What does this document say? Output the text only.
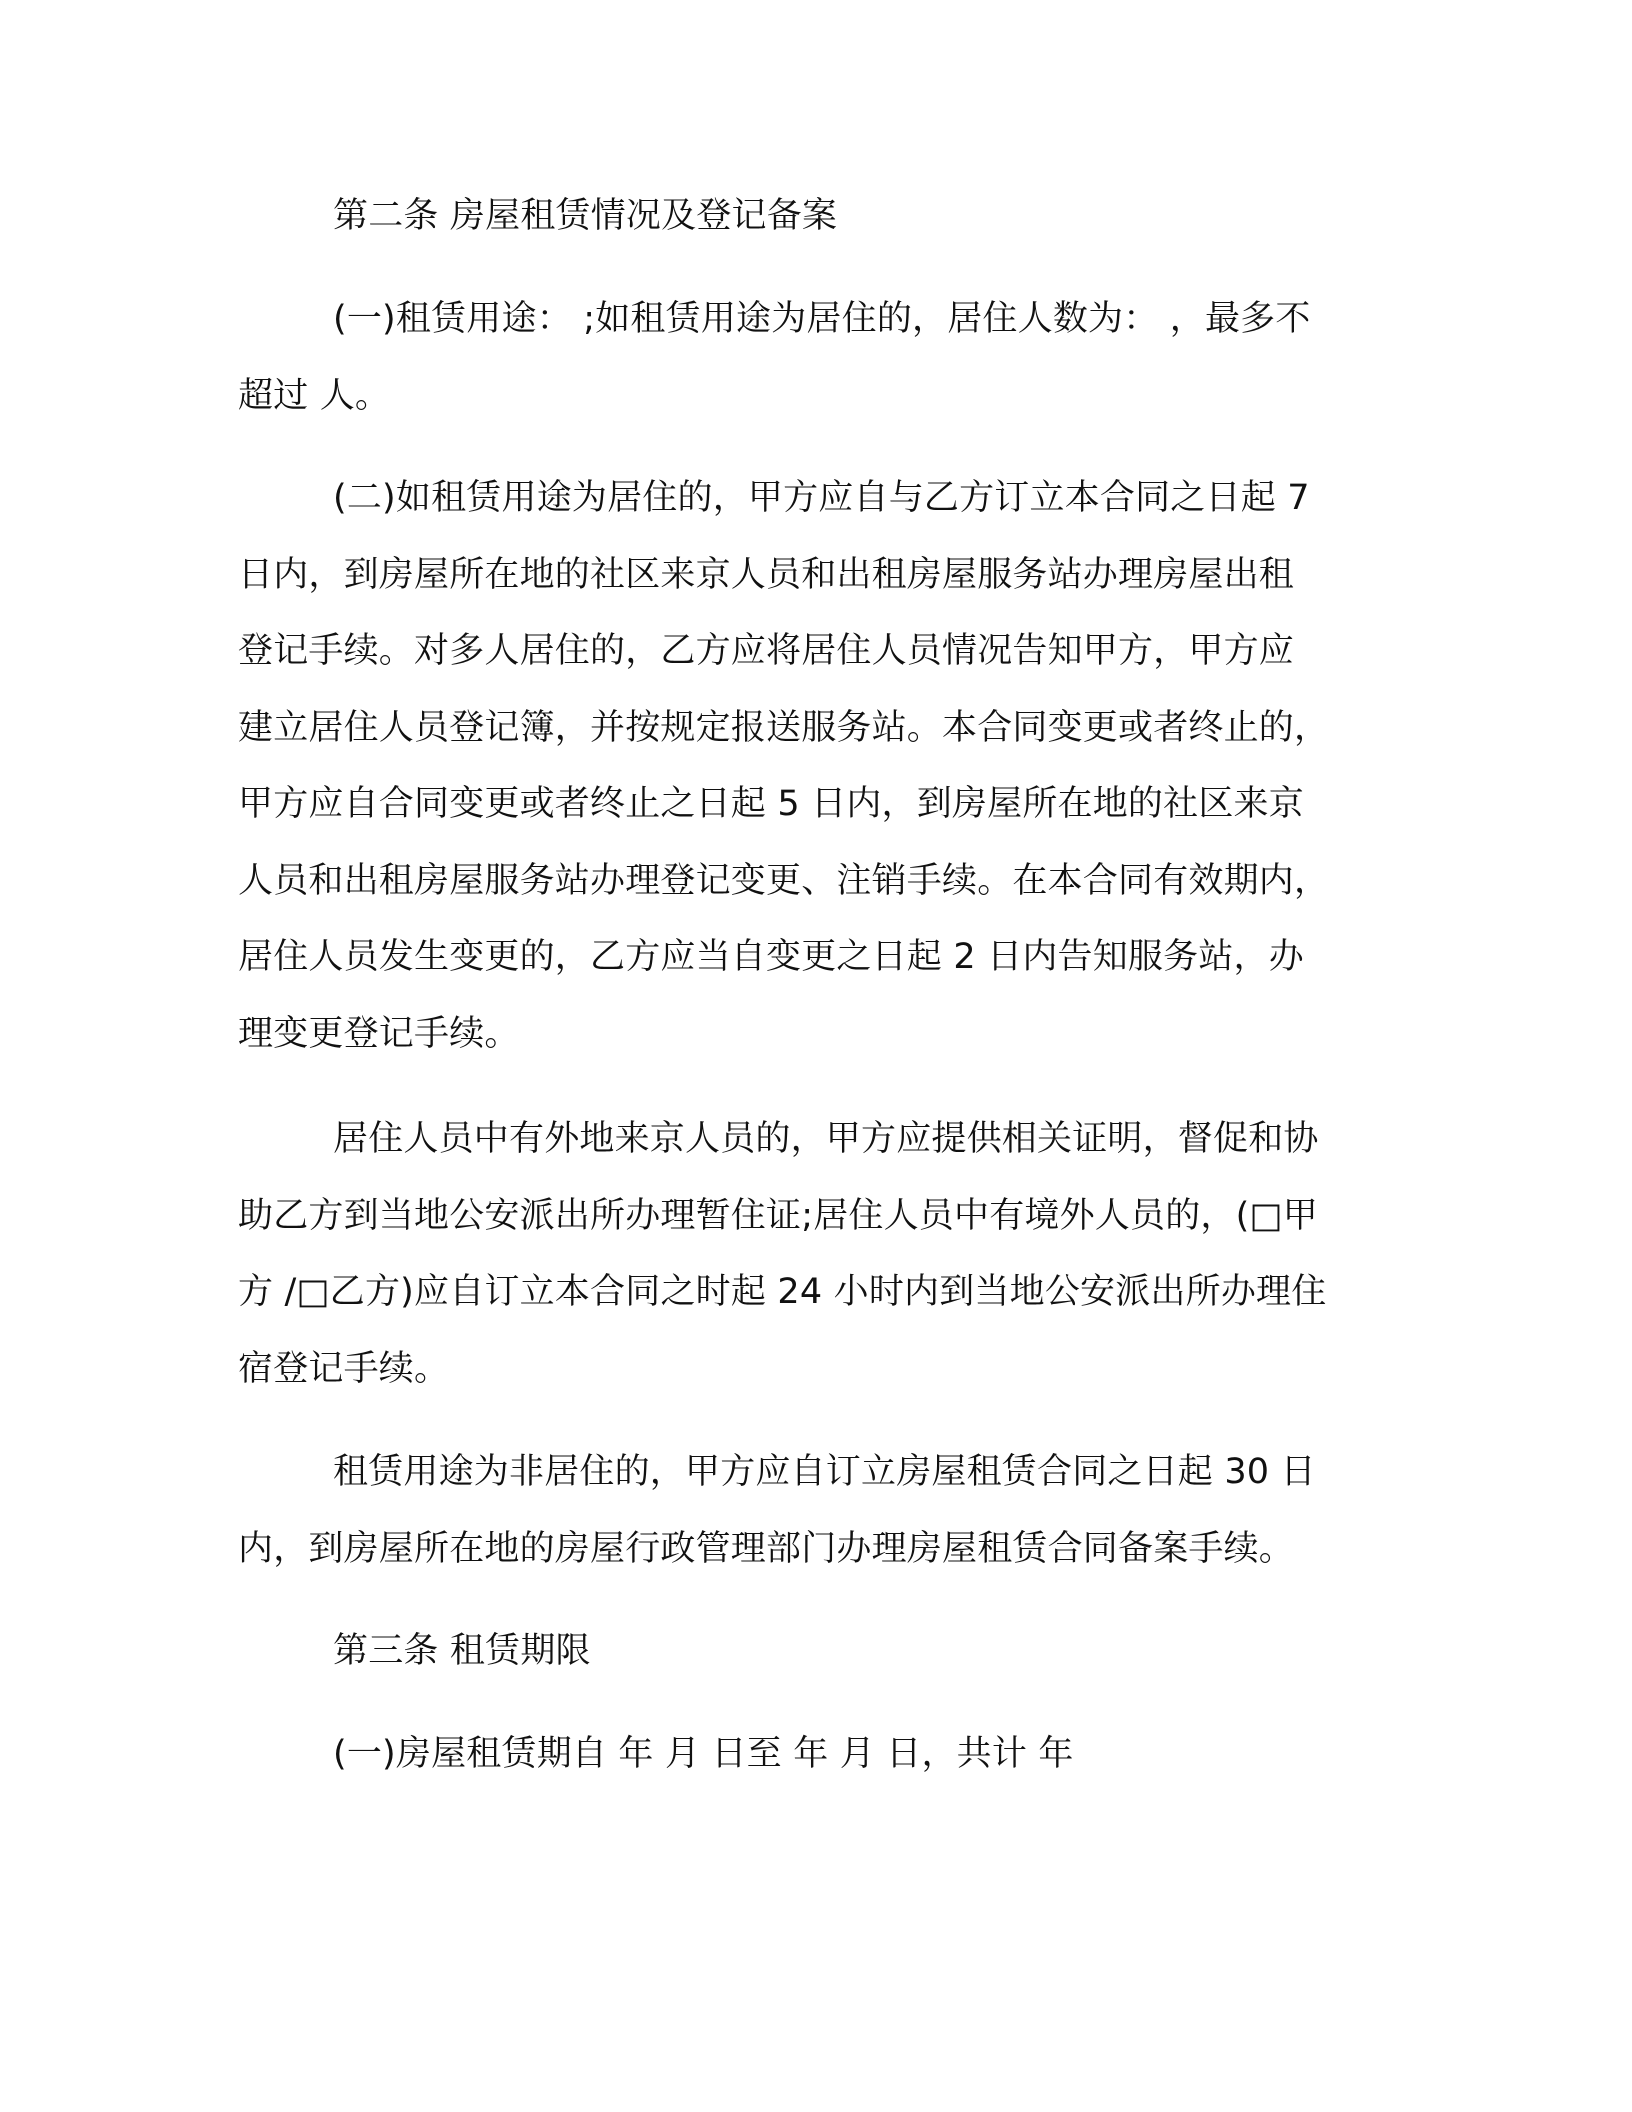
第二条 房屋租赁情况及登记备案
(一)租赁用途： ;如租赁用途为居住的，居住人数为： ，最多不
超过 人。
(二)如租赁用途为居住的，甲方应自与乙方订立本合同之日起 7
日内，到房屋所在地的社区来京人员和出租房屋服务站办理房屋出租
登记手续。对多人居住的，乙方应将居住人员情况告知甲方，甲方应
建立居住人员登记簿，并按规定报送服务站。本合同变更或者终止的，
甲方应自合同变更或者终止之日起 5 日内，到房屋所在地的社区来京
人员和出租房屋服务站办理登记变更、注销手续。在本合同有效期内，
居住人员发生变更的，乙方应当自变更之日起 2 日内告知服务站，办
理变更登记手续。
居住人员中有外地来京人员的，甲方应提供相关证明，督促和协
助乙方到当地公安派出所办理暂住证;居住人员中有境外人员的，(□甲
方 /□乙方)应自订立本合同之时起 24 小时内到当地公安派出所办理住
宿登记手续。
租赁用途为非居住的，甲方应自订立房屋租赁合同之日起 30 日
内，到房屋所在地的房屋行政管理部门办理房屋租赁合同备案手续。
第三条 租赁期限
(一)房屋租赁期自 年 月 日至 年 月 日，共计 年
